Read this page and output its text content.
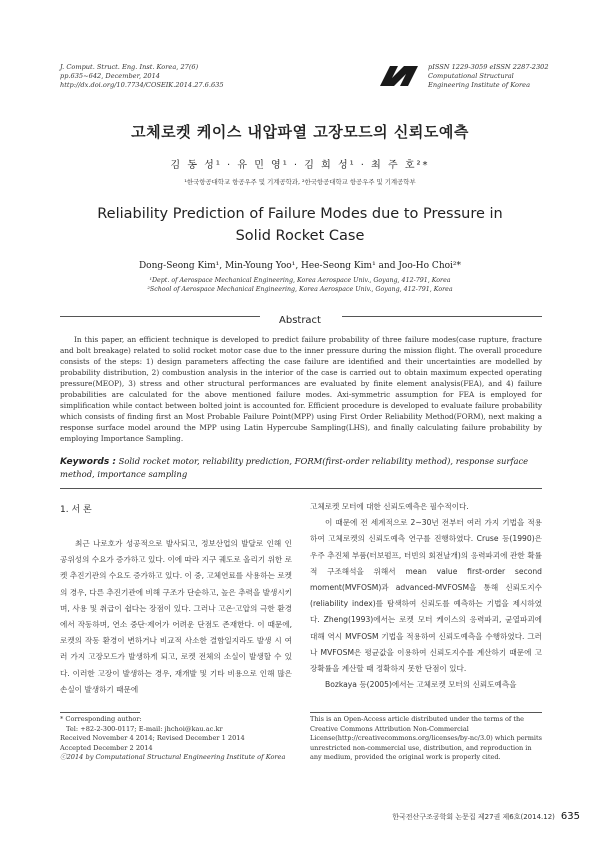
J. Comput. Struct. Eng. Inst. Korea, 27(6)
pp.635~642, December, 2014
http://dx.doi.org/10.7734/COSEIK.2014.27.6.635
pISSN 1229-3059 eISSN 2287-2302
Computational Structural
Engineering Institute of Korea
고체로켓 케이스 내압파열 고장모드의 신뢰도예측
김 동 성¹ · 유 민 영¹ · 김 희 성¹ · 최 주 호²*
¹한국항공대학교 항공우주 및 기계공학과, ²한국항공대학교 항공우주 및 기계공학부
Reliability Prediction of Failure Modes due to Pressure in
Solid Rocket Case
Dong-Seong Kim¹, Min-Young Yoo¹, Hee-Seong Kim¹ and Joo-Ho Choi²*
¹Dept. of Aerospace Mechanical Engineering, Korea Aerospace Univ., Goyang, 412-791, Korea
²School of Aerospace Mechanical Engineering, Korea Aerospace Univ., Goyang, 412-791, Korea
Abstract

In this paper, an efficient technique is developed to predict failure probability of three failure modes(case rupture, fracture and bolt breakage) related to solid rocket motor case due to the inner pressure during the mission flight. The overall procedure consists of the steps: 1) design parameters affecting the case failure are identified and their uncertainties are modelled by probability distribution, 2) combustion analysis in the interior of the case is carried out to obtain maximum expected operating pressure(MEOP), 3) stress and other structural performances are evaluated by finite element analysis(FEA), and 4) failure probabilities are calculated for the above mentioned failure modes. Axi-symmetric assumption for FEA is employed for simplification while contact between bolted joint is accounted for. Efficient procedure is developed to evaluate failure probability which consists of finding first an Most Probable Failure Point(MPP) using First Order Reliability Method(FORM), next making a response surface model around the MPP using Latin Hypercube Sampling(LHS), and finally calculating failure probability by employing Importance Sampling.

Keywords : Solid rocket motor, reliability prediction, FORM(first-order reliability method), response surface method, importance sampling
1. 서 론

최근 나로호가 성공적으로 발사되고, 정보산업의 발달로 인해 인공위성의 수요가 증가하고 있다. 이에 따라 지구 궤도로 올리기 위한 로켓 추진기관의 수요도 증가하고 있다. 이 중, 고체연료를 사용하는 로켓의 경우, 다른 추진기관에 비해 구조가 단순하고, 높은 추력을 발생시키며, 사용 및 취급이 쉽다는 장점이 있다. 그러나 고온·고압의 극한 환경에서 작동하며, 연소 중단·제어가 어려운 단점도 존재한다. 이 때문에, 로켓의 작동 환경이 변하거나 비교적 사소한 결함일지라도 발생 시 여러 가지 고장모드가 발생하게 되고, 로켓 전체의 소실이 발생할 수 있다. 이러한 고장이 발생하는 경우, 재개발 및 기타 비용으로 인해 많은 손실이 발생하기 때문에

고체로켓 모터에 대한 신뢰도예측은 필수적이다.

이 때문에 전 세계적으로 2~30년 전부터 여러 가지 기법을 적용하여 고체로켓의 신뢰도예측 연구를 진행하였다. Cruse 등(1990)은 우주 추진체 부품(터보펌프, 터빈의 회전날개)의 응력파괴에 관한 확률적 구조해석을 위해서 mean value first-order second moment(MVFOSM)과 advanced-MVFOSM을 통해 신뢰도지수(reliability index)를 탐색하여 신뢰도를 예측하는 기법을 제시하였다. Zheng(1993)에서는 로켓 모터 케이스의 응력파괴, 균열파괴에 대해 역시 MVFOSM 기법을 적용하여 신뢰도예측을 수행하였다. 그러나 MVFOSM은 평균값을 이용하여 신뢰도지수를 계산하기 때문에 고장확률을 계산할 때 정확하지 못한 단점이 있다.

Bozkaya 등(2005)에서는 고체로켓 모터의 신뢰도예측을

* Corresponding author:
Tel: +82-2-300-0117; E-mail: jhchoi@kau.ac.kr
Received November 4 2014; Revised December 1 2014
Accepted December 2 2014
ⓒ2014 by Computational Structural Engineering Institute of Korea
This is an Open-Access article distributed under the terms of the Creative Commons Attribution Non-Commercial License(http://creativecommons.org/licenses/by-nc/3.0) which permits unrestricted non-commercial use, distribution, and reproduction in any medium, provided the original work is properly cited.
한국전산구조공학회 논문집 제27권 제6호(2014.12) 635
